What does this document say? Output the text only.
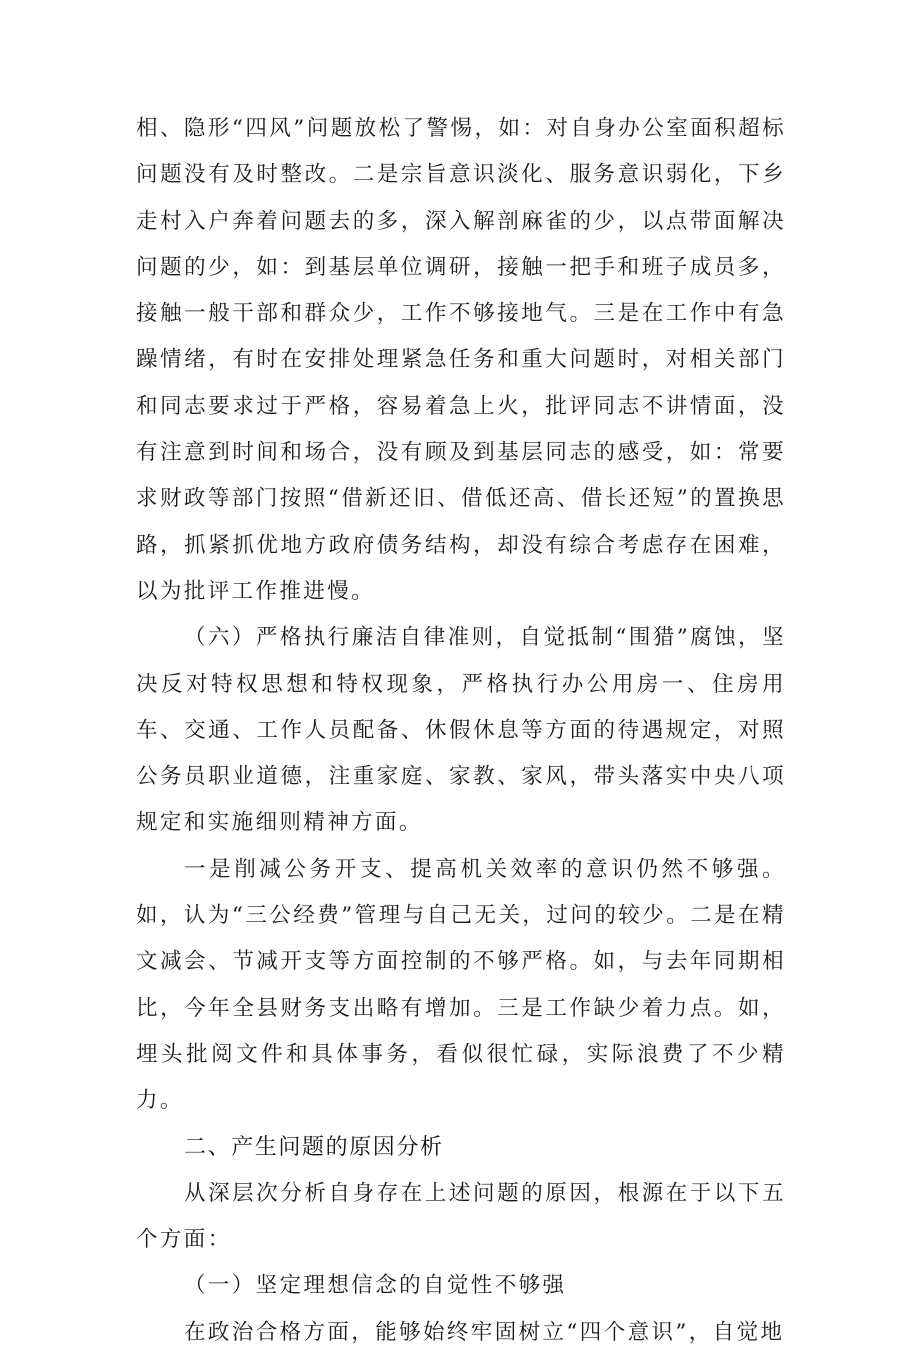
相、隐形“四风”问题放松了警惕，如：对自身办公室面积超标问题没有及时整改。二是宗旨意识淡化、服务意识弱化，下乡走村入户奔着问题去的多，深入解剖麻雀的少，以点带面解决问题的少，如：到基层单位调研，接触一把手和班子成员多，接触一般干部和群众少，工作不够接地气。三是在工作中有急躁情绪，有时在安排处理紧急任务和重大问题时，对相关部门和同志要求过于严格，容易着急上火，批评同志不讲情面，没有注意到时间和场合，没有顾及到基层同志的感受，如：常要求财政等部门按照“借新还旧、借低还高、借长还短”的置换思路，抓紧抓优地方政府债务结构，却没有综合考虑存在困难，以为批评工作推进慢。

（六）严格执行廉洁自律准则，自觉抵制“围猎”腐蚀，坚决反对特权思想和特权现象，严格执行办公用房一、住房用车、交通、工作人员配备、休假休息等方面的待遇规定，对照公务员职业道德，注重家庭、家教、家风，带头落实中央八项规定和实施细则精神方面。

一是削减公务开支、提高机关效率的意识仍然不够强。如，认为“三公经费”管理与自己无关，过问的较少。二是在精文减会、节减开支等方面控制的不够严格。如，与去年同期相比，今年全县财务支出略有增加。三是工作缺少着力点。如，埋头批阅文件和具体事务，看似很忙碌，实际浪费了不少精力。

二、产生问题的原因分析

从深层次分析自身存在上述问题的原因，根源在于以下五个方面：

（一）坚定理想信念的自觉性不够强

在政治合格方面，能够始终牢固树立“四个意识”，自觉地
